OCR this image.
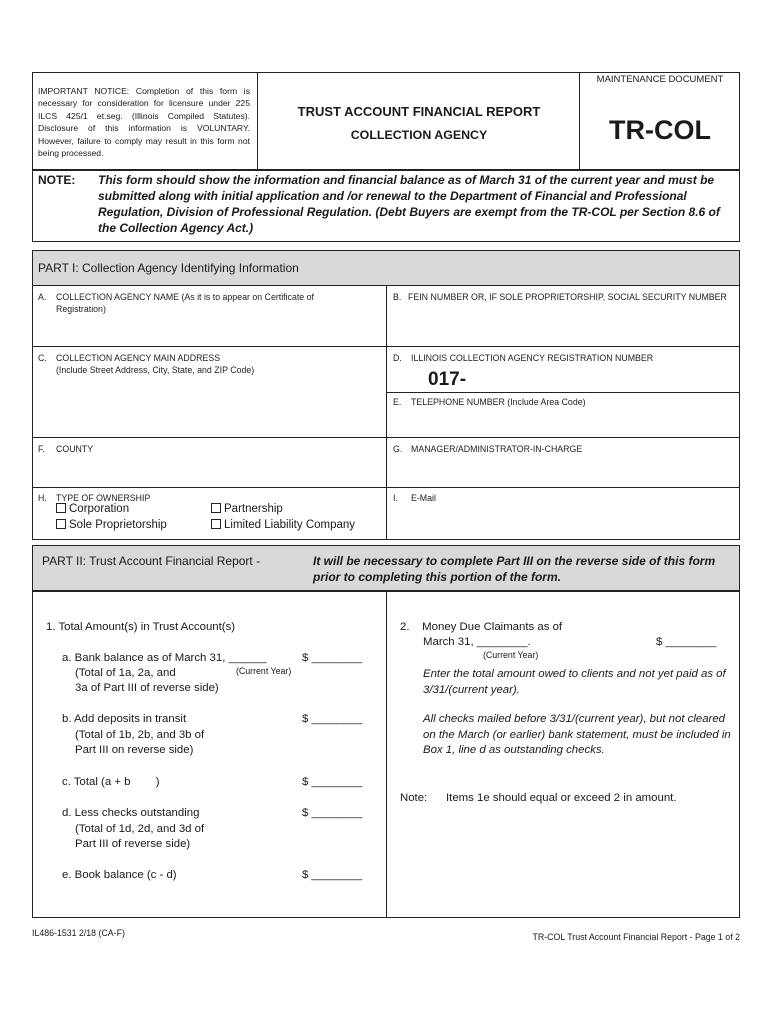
IMPORTANT NOTICE: Completion of this form is necessary for consideration for licensure under 225 ILCS 425/1 et.seg. (Illinois Compiled Statutes). Disclosure of this information is VOLUNTARY. However, failure to comply may result in this form not being processed.
TRUST ACCOUNT FINANCIAL REPORT
COLLECTION AGENCY
MAINTENANCE DOCUMENT
TR-COL
NOTE: This form should show the information and financial balance as of March 31 of the current year and must be submitted along with initial application and /or renewal to the Department of Financial and Professional Regulation, Division of Professional Regulation. (Debt Buyers are exempt from the TR-COL per Section 8.6 of the Collection Agency Act.)
PART I: Collection Agency Identifying Information
A. COLLECTION AGENCY NAME (As it is to appear on Certificate of Registration)
B. FEIN NUMBER OR, IF SOLE PROPRIETORSHIP, SOCIAL SECURITY NUMBER
C. COLLECTION AGENCY MAIN ADDRESS
(Include Street Address, City, State, and ZIP Code)
D. ILLINOIS COLLECTION AGENCY REGISTRATION NUMBER
017-
E. TELEPHONE NUMBER (Include Area Code)
F. COUNTY	G. MANAGER/ADMINISTRATOR-IN-CHARGE
H. TYPE OF OWNERSHIP
Corporation	Partnership
Sole Proprietorship	Limited Liability Company
I. E-Mail
PART II: Trust Account Financial Report -	It will be necessary to complete Part III on the reverse side of this form prior to completing this portion of the form.
1. Total Amount(s) in Trust Account(s)
a. Bank balance as of March 31, ______
(Total of 1a, 2a, and	(Current Year)
3a of Part III of reverse side)
$ ________
b. Add deposits in transit
(Total of 1b, 2b, and 3b of
Part III on reverse side)
$ ________
c. Total (a + b        )	$ ________
d. Less checks outstanding
(Total of 1d, 2d, and 3d of
Part III of reverse side)
$ ________
e. Book balance (c - d)	$ ________
2.    Money Due Claimants as of
March 31, ________.	$ ________
(Current Year)
Enter the total amount owed to clients and not yet paid as of 3/31/(current year).
All checks mailed before 3/31/(current year), but not cleared on the March (or earlier) bank statement, must be included in Box 1, line d as outstanding checks.
Note: Items 1e should equal or exceed 2 in amount.
IL486-1531 2/18 (CA-F)	TR-COL Trust Account Financial Report - Page 1 of 2
